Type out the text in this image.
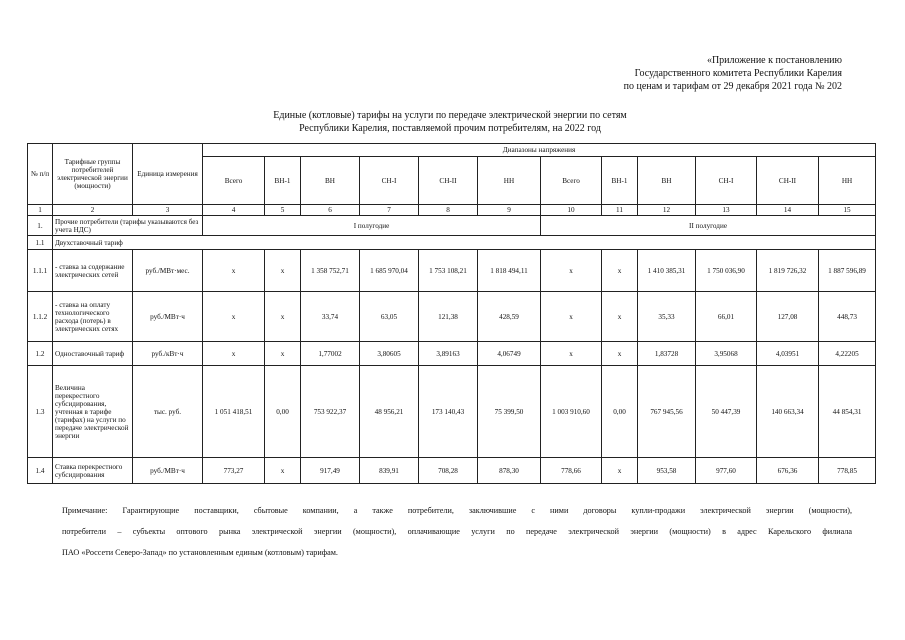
«Приложение к постановлению
Государственного комитета Республики Карелия
по ценам и тарифам от 29 декабря 2021 года № 202
Единые (котловые) тарифы на услуги по передаче электрической энергии по сетям
Республики Карелия, поставляемой прочим потребителям, на 2022 год
№ п/п	Тарифные группы потребителей электрической энергии (мощности)	Единица измерения	Диапазоны напряжения											
			Всего	ВН-1	ВН	СН-I	СН-II	НН	Всего	ВН-1	ВН	СН-I	СН-II	НН
1	2	3	4	5	6	7	8	9	10	11	12	13	14	15
1.	Прочие потребители (тарифы указываются без учета НДС)		I полугодие						II полугодие					
1.1	Двухставочный тариф													
1.1.1	- ставка за содержание электрических сетей	руб./МВт·мес.	х	х	1 358 752,71	1 685 970,04	1 753 108,21	1 818 494,11	х	х	1 410 385,31	1 750 036,90	1 819 726,32	1 887 596,89
1.1.2	- ставка на оплату технологического расхода (потерь) в электрических сетях	руб./МВт·ч	х	х	33,74	63,05	121,38	428,59	х	х	35,33	66,01	127,08	448,73
1.2	Одноставочный тариф	руб./кВт·ч	х	х	1,77002	3,80605	3,89163	4,06749	х	х	1,83728	3,95068	4,03951	4,22205
1.3	Величина перекрестного субсидирования, учтенная в тарифе (тарифах) на услуги по передаче электрической энергии	тыс. руб.	1 051 418,51	0,00	753 922,37	48 956,21	173 140,43	75 399,50	1 003 910,60	0,00	767 945,56	50 447,39	140 663,34	44 854,31
1.4	Ставка перекрестного субсидирования	руб./МВт·ч	773,27	х	917,49	839,91	708,28	878,30	778,66	х	953,58	977,60	676,36	778,85
Примечание: Гарантирующие поставщики, сбытовые компании, а также потребители, заключившие с ними договоры купли-продажи электрической энергии (мощности),
потребители – субъекты оптового рынка электрической энергии (мощности), оплачивающие услуги по передаче электрической энергии (мощности) в адрес Карельского филиала
ПАО «Россети Северо-Запад» по установленным единым (котловым) тарифам.
